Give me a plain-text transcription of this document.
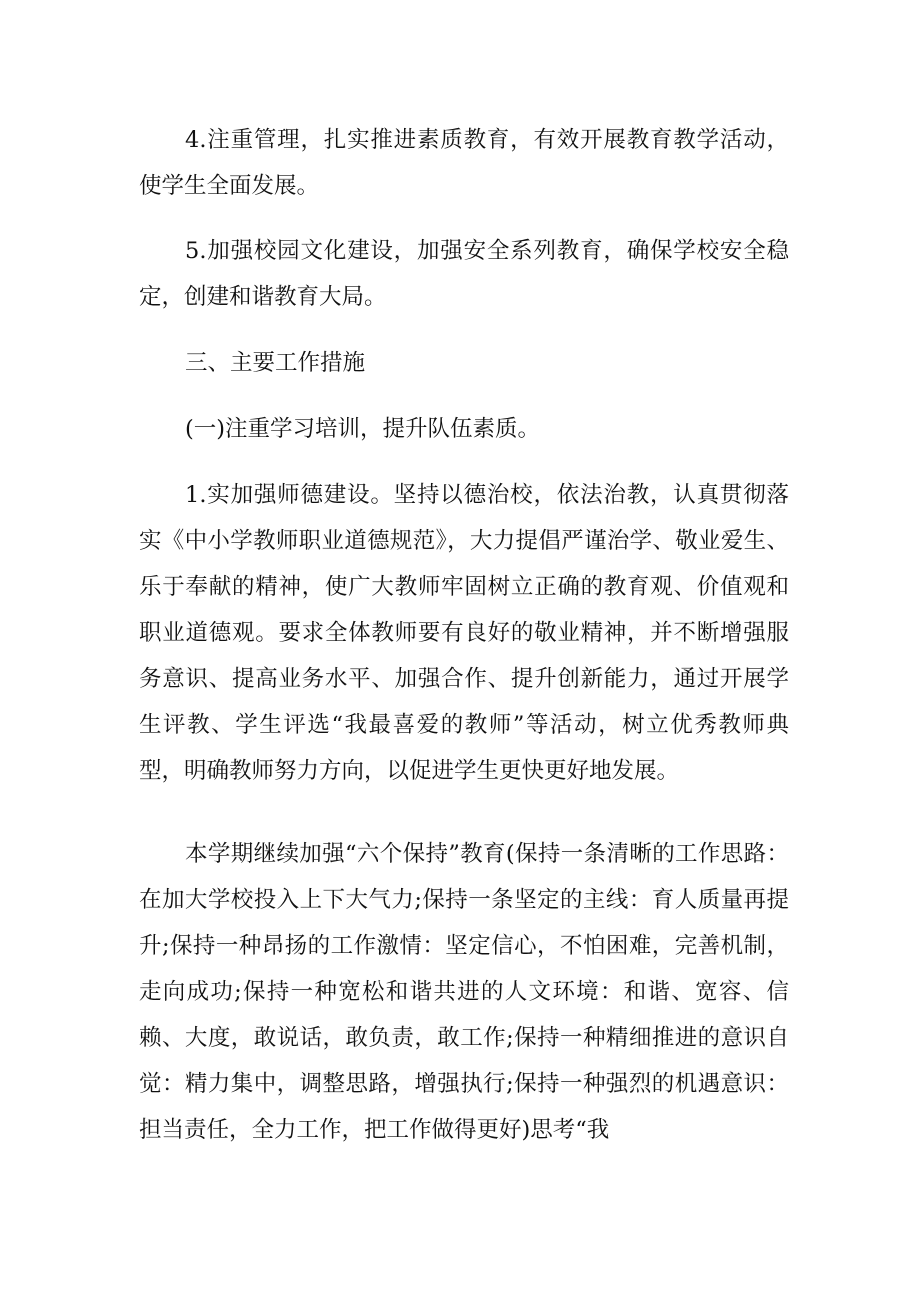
4.注重管理，扎实推进素质教育，有效开展教育教学活动，使学生全面发展。

5.加强校园文化建设，加强安全系列教育，确保学校安全稳定，创建和谐教育大局。

三、主要工作措施

(一)注重学习培训，提升队伍素质。

1.实加强师德建设。坚持以德治校，依法治教，认真贯彻落实《中小学教师职业道德规范》，大力提倡严谨治学、敬业爱生、乐于奉献的精神，使广大教师牢固树立正确的教育观、价值观和职业道德观。要求全体教师要有良好的敬业精神，并不断增强服务意识、提高业务水平、加强合作、提升创新能力，通过开展学生评教、学生评选“我最喜爱的教师”等活动，树立优秀教师典型，明确教师努力方向，以促进学生更快更好地发展。

本学期继续加强“六个保持”教育(保持一条清晰的工作思路：在加大学校投入上下大气力;保持一条坚定的主线：育人质量再提升;保持一种昂扬的工作激情：坚定信心，不怕困难，完善机制，走向成功;保持一种宽松和谐共进的人文环境：和谐、宽容、信赖、大度，敢说话，敢负责，敢工作;保持一种精细推进的意识自觉：精力集中，调整思路，增强执行;保持一种强烈的机遇意识：担当责任，全力工作，把工作做得更好)思考“我
